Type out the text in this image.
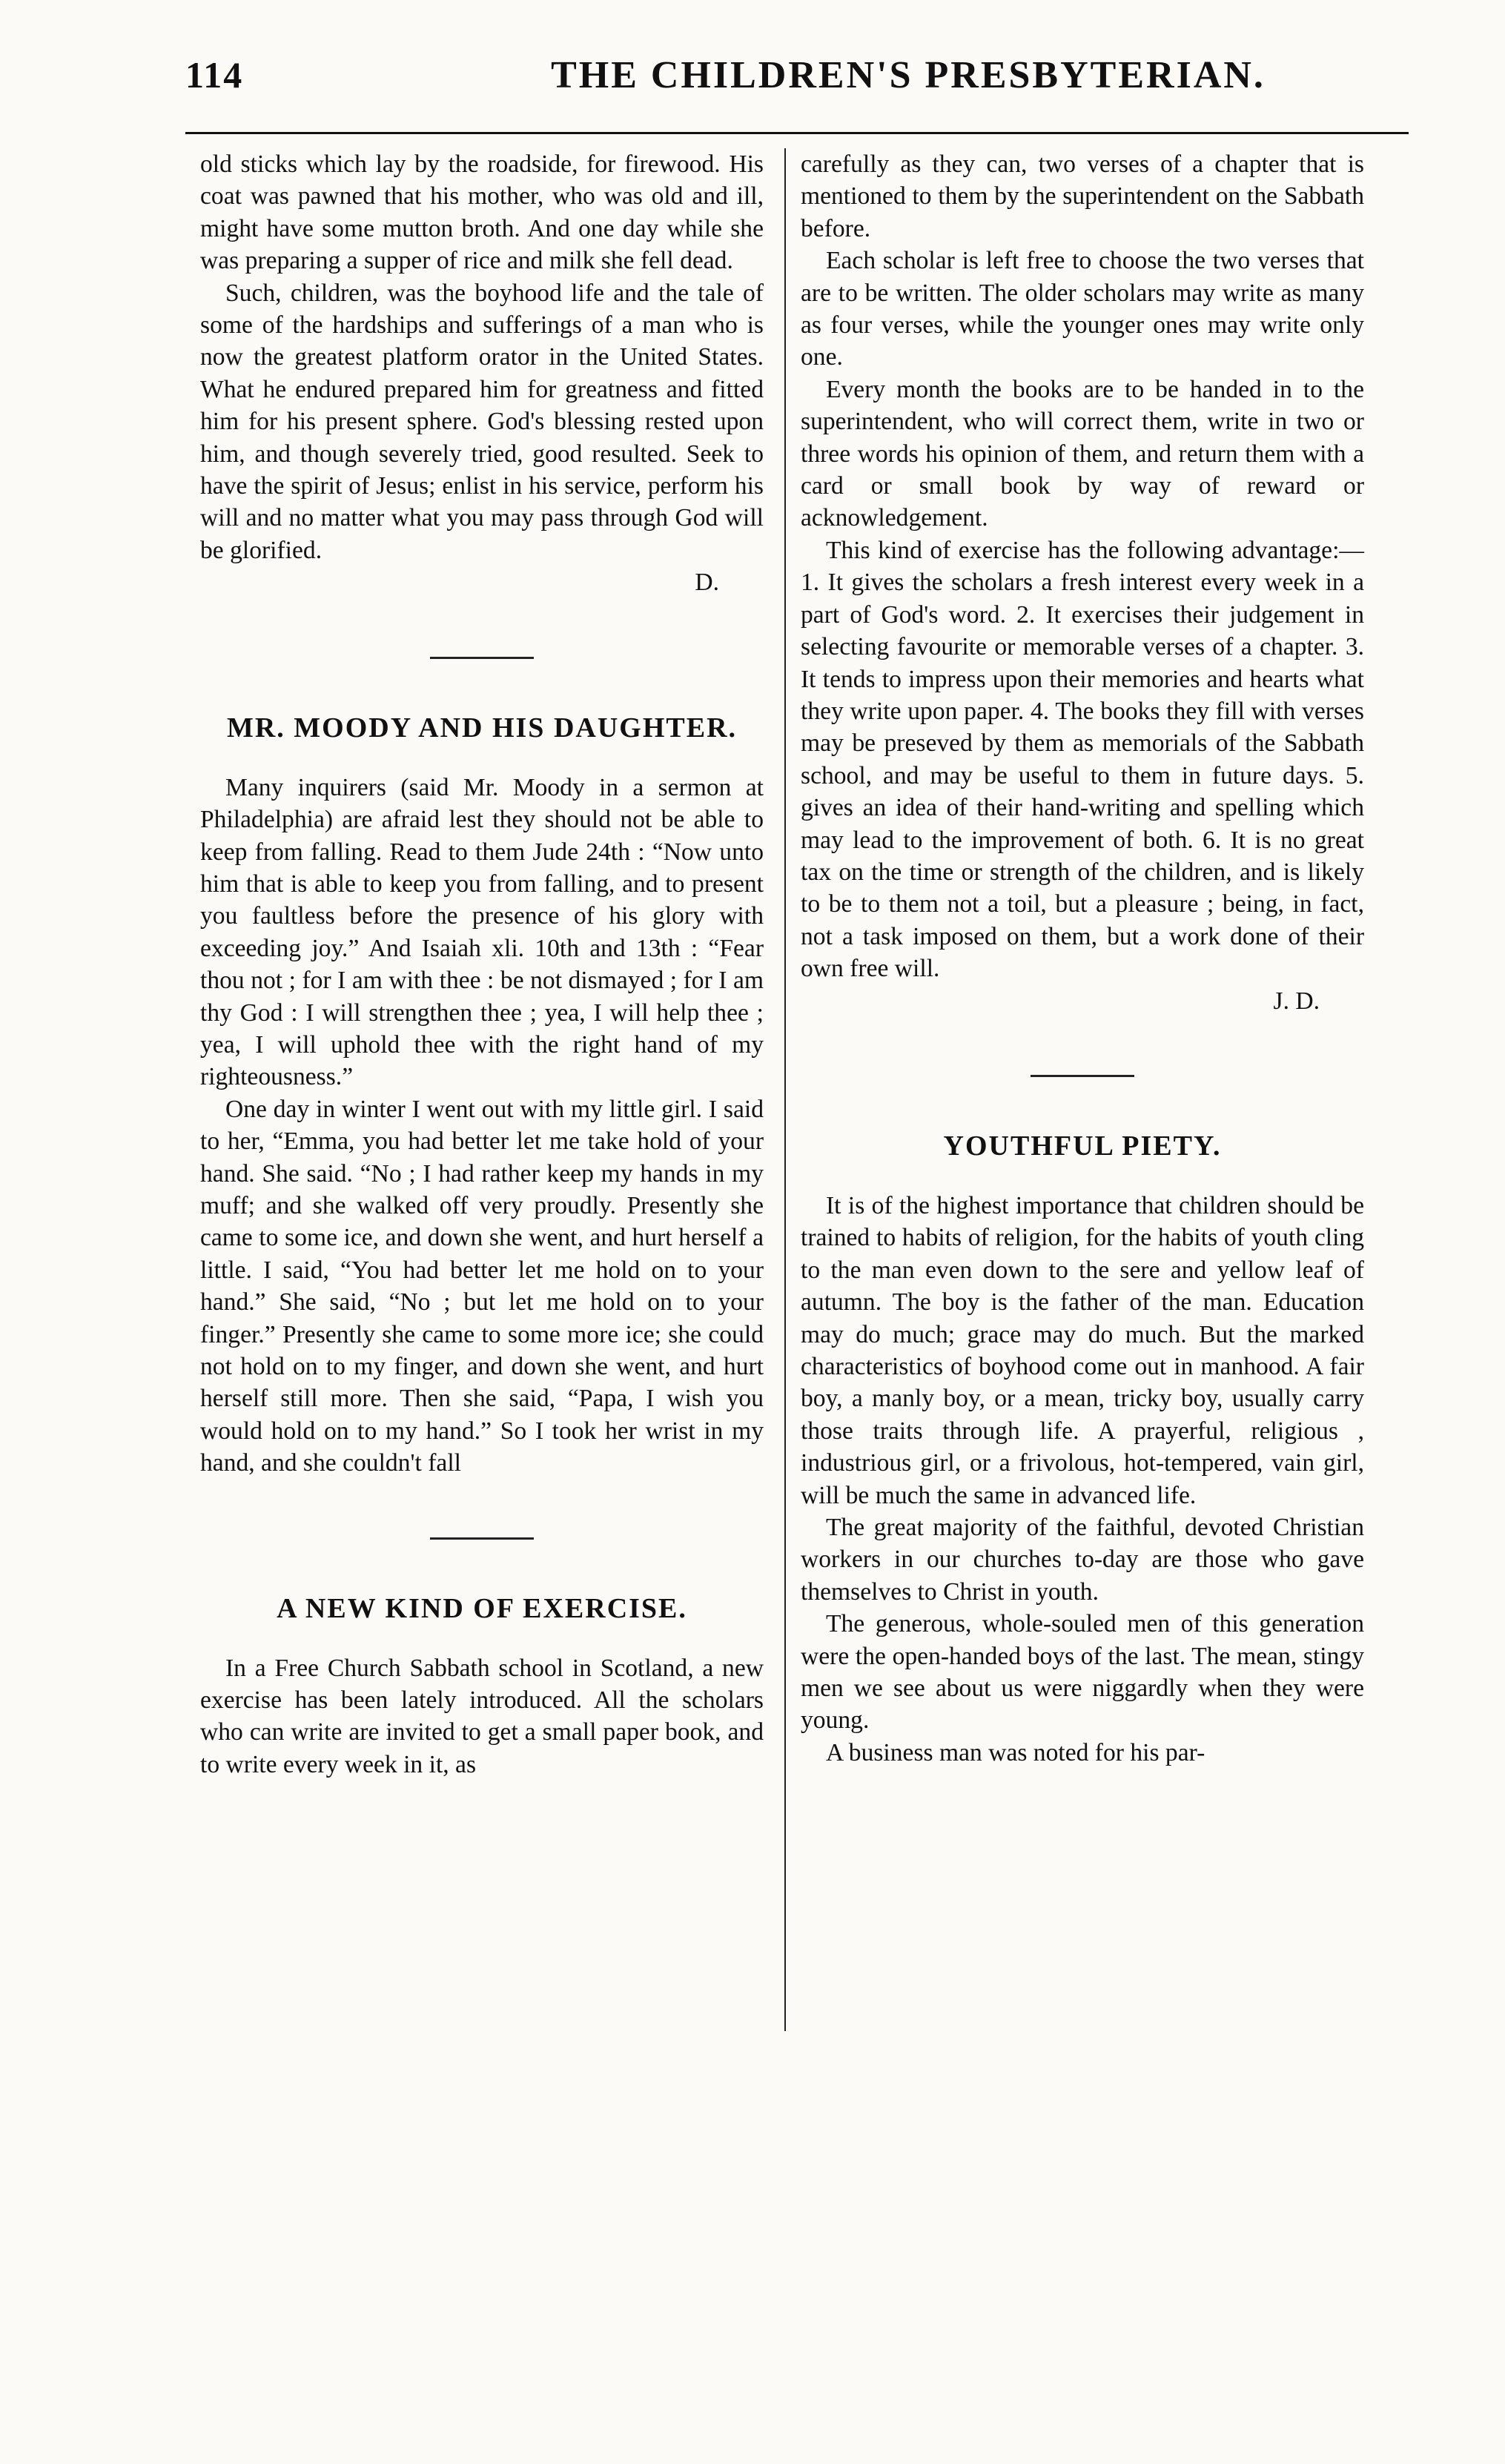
114	THE CHILDREN'S PRESBYTERIAN.

old sticks which lay by the roadside, for firewood. His coat was pawned that his mother, who was old and ill, might have some mutton broth. And one day while she was preparing a supper of rice and milk she fell dead.

Such, children, was the boyhood life and the tale of some of the hardships and sufferings of a man who is now the greatest platform orator in the United States. What he endured prepared him for greatness and fitted him for his present sphere. God's blessing rested upon him, and though severely tried, good resulted. Seek to have the spirit of Jesus; enlist in his service, perform his will and no matter what you may pass through God will be glorified.

D.

MR. MOODY AND HIS DAUGHTER.

Many inquirers (said Mr. Moody in a sermon at Philadelphia) are afraid lest they should not be able to keep from falling. Read to them Jude 24th : “Now unto him that is able to keep you from falling, and to present you faultless before the presence of his glory with exceeding joy.” And Isaiah xli. 10th and 13th : “Fear thou not ; for I am with thee : be not dismayed ; for I am thy God : I will strengthen thee ; yea, I will help thee ; yea, I will uphold thee with the right hand of my righteousness.”

One day in winter I went out with my little girl. I said to her, “Emma, you had better let me take hold of your hand. She said. “No ; I had rather keep my hands in my muff; and she walked off very proudly. Presently she came to some ice, and down she went, and hurt herself a little. I said, “You had better let me hold on to your hand.” She said, “No ; but let me hold on to your finger.” Presently she came to some more ice; she could not hold on to my finger, and down she went, and hurt herself still more. Then she said, “Papa, I wish you would hold on to my hand.” So I took her wrist in my hand, and she couldn't fall

A NEW KIND OF EXERCISE.

In a Free Church Sabbath school in Scotland, a new exercise has been lately introduced. All the scholars who can write are invited to get a small paper book, and to write every week in it, as

carefully as they can, two verses of a chapter that is mentioned to them by the superintendent on the Sabbath before.

Each scholar is left free to choose the two verses that are to be written. The older scholars may write as many as four verses, while the younger ones may write only one.

Every month the books are to be handed in to the superintendent, who will correct them, write in two or three words his opinion of them, and return them with a card or small book by way of reward or acknowledgement.

This kind of exercise has the following advantage:—1. It gives the scholars a fresh interest every week in a part of God's word. 2. It exercises their judgement in selecting favourite or memorable verses of a chapter. 3. It tends to impress upon their memories and hearts what they write upon paper. 4. The books they fill with verses may be preseved by them as memorials of the Sabbath school, and may be useful to them in future days. 5. gives an idea of their hand-writing and spelling which may lead to the improvement of both. 6. It is no great tax on the time or strength of the children, and is likely to be to them not a toil, but a pleasure ; being, in fact, not a task imposed on them, but a work done of their own free will.

J. D.

YOUTHFUL PIETY.

It is of the highest importance that children should be trained to habits of religion, for the habits of youth cling to the man even down to the sere and yellow leaf of autumn. The boy is the father of the man. Education may do much; grace may do much. But the marked characteristics of boyhood come out in manhood. A fair boy, a manly boy, or a mean, tricky boy, usually carry those traits through life. A prayerful, religious , industrious girl, or a frivolous, hot-tempered, vain girl, will be much the same in advanced life.

The great majority of the faithful, devoted Christian workers in our churches to-day are those who gave themselves to Christ in youth.

The generous, whole-souled men of this generation were the open-handed boys of the last. The mean, stingy men we see about us were niggardly when they were young.

A business man was noted for his par-
